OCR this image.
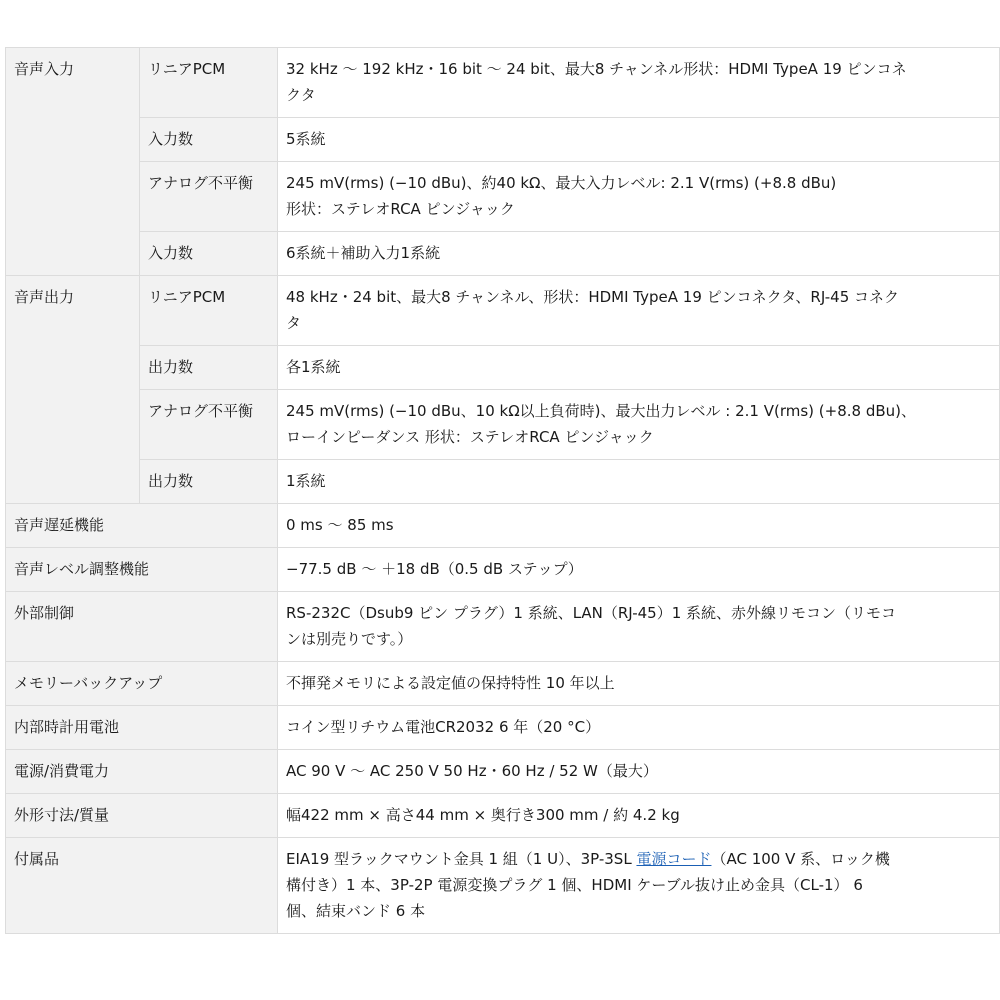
音声入力	リニアPCM	32 kHz 〜 192 kHz・16 bit 〜 24 bit、最大8 チャンネル形状：HDMI TypeA 19 ピンコネ
クタ

	入力数	5系統
	アナログ不平衡	245 mV(rms) (−10 dBu)、約40 kΩ、最大入力レベル: 2.1 V(rms) (+8.8 dBu)
形状：ステレオRCA ピンジャック

	入力数	6系統＋補助入力1系統
音声出力	リニアPCM	48 kHz・24 bit、最大8 チャンネル、形状：HDMI TypeA 19 ピンコネクタ、RJ-45 コネク
タ

	出力数	各1系統
	アナログ不平衡	245 mV(rms) (−10 dBu、10 kΩ以上負荷時)、最大出力レベル : 2.1 V(rms) (+8.8 dBu)、
ローインピーダンス 形状：ステレオRCA ピンジャック

	出力数	1系統
音声遅延機能		0 ms 〜 85 ms
音声レベル調整機能		−77.5 dB 〜 ＋18 dB（0.5 dB ステップ）
外部制御		RS-232C（Dsub9 ピン プラグ）1 系統、LAN（RJ-45）1 系統、赤外線リモコン（リモコ
ンは別売りです。）

メモリーバックアップ		不揮発メモリによる設定値の保持特性 10 年以上
内部時計用電池		コイン型リチウム電池CR2032 6 年（20 °C）
電源/消費電力		AC 90 V 〜 AC 250 V 50 Hz・60 Hz / 52 W（最大）
外形寸法/質量		幅422 mm × 高さ44 mm × 奥行き300 mm / 約 4.2 kg
付属品		EIA19 型ラックマウント金具 1 組（1 U）、3P-3SL 電源コード（AC 100 V 系、ロック機
構付き）1 本、3P-2P 電源変換プラグ 1 個、HDMI ケーブル抜け止め金具（CL-1） 6
個、結束バンド 6 本
